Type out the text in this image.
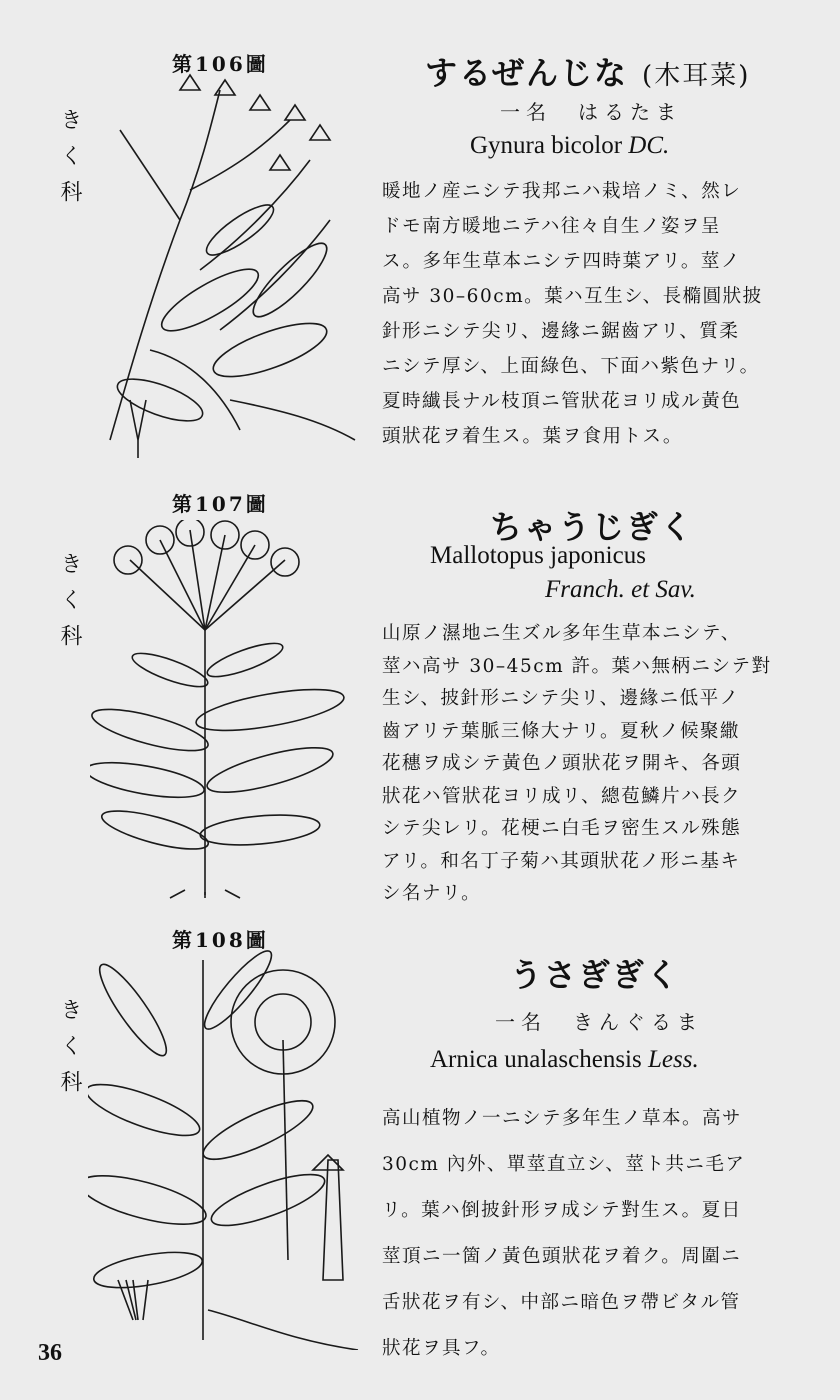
第106圖
きく科
するぜんじな (木耳菜)
一名　はるたま
Gynura bicolor DC.
暖地ノ産ニシテ我邦ニハ栽培ノミ、然レ
ドモ南方暖地ニテハ往々自生ノ姿ヲ呈
ス。多年生草本ニシテ四時葉アリ。莖ノ
高サ 30–60cm。葉ハ互生シ、長橢圓狀披
針形ニシテ尖リ、邊緣ニ鋸齒アリ、質柔
ニシテ厚シ、上面綠色、下面ハ紫色ナリ。
夏時纎長ナル枝頂ニ管狀花ヨリ成ル黃色
頭狀花ヲ着生ス。葉ヲ食用トス。
第107圖
きく科
ちゃうじぎく
Mallotopus japonicus
Franch. et Sav.
山原ノ濕地ニ生ズル多年生草本ニシテ、
莖ハ高サ 30–45cm 許。葉ハ無柄ニシテ對
生シ、披針形ニシテ尖リ、邊緣ニ低平ノ
齒アリテ葉脈三條大ナリ。夏秋ノ候聚繖
花穗ヲ成シテ黃色ノ頭狀花ヲ開キ、各頭
狀花ハ管狀花ヨリ成リ、總苞鱗片ハ長ク
シテ尖レリ。花梗ニ白毛ヲ密生スル殊態
アリ。和名丁子菊ハ其頭狀花ノ形ニ基キ
シ名ナリ。
第108圖
きく科
うさぎぎく
一名　きんぐるま
Arnica unalaschensis Less.
高山植物ノ一ニシテ多年生ノ草本。高サ
30cm 內外、單莖直立シ、莖ト共ニ毛ア
リ。葉ハ倒披針形ヲ成シテ對生ス。夏日
莖頂ニ一箇ノ黃色頭狀花ヲ着ク。周圍ニ
舌狀花ヲ有シ、中部ニ暗色ヲ帶ビタル管
狀花ヲ具フ。
36
